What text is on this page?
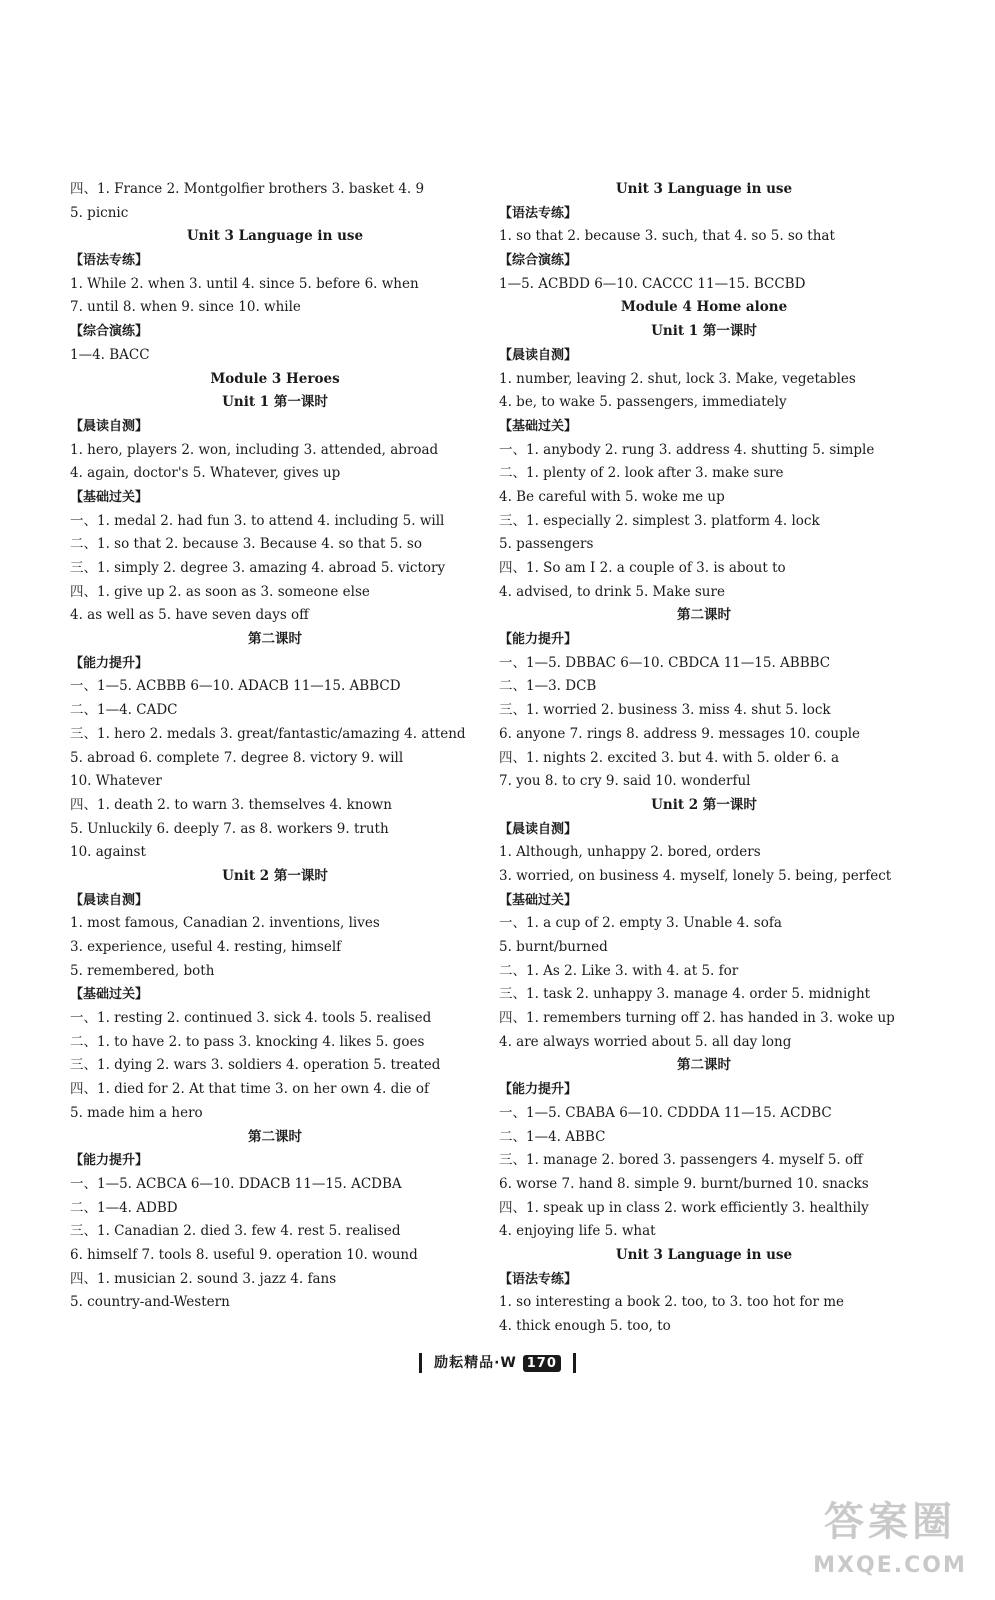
四、1. France 2. Montgolfier brothers 3. basket 4. 9
5. picnic
Unit 3 Language in use
【语法专练】
1. While 2. when 3. until 4. since 5. before 6. when
7. until 8. when 9. since 10. while
【综合演练】
1—4. BACC
Module 3 Heroes
Unit 1 第一课时
【晨读自测】
1. hero, players 2. won, including 3. attended, abroad
4. again, doctor's 5. Whatever, gives up
【基础过关】
一、1. medal 2. had fun 3. to attend 4. including 5. will
二、1. so that 2. because 3. Because 4. so that 5. so
三、1. simply 2. degree 3. amazing 4. abroad 5. victory
四、1. give up 2. as soon as 3. someone else
4. as well as 5. have seven days off
第二课时
【能力提升】
一、1—5. ACBBB 6—10. ADACB 11—15. ABBCD
二、1—4. CADC
三、1. hero 2. medals 3. great/fantastic/amazing 4. attend
5. abroad 6. complete 7. degree 8. victory 9. will
10. Whatever
四、1. death 2. to warn 3. themselves 4. known
5. Unluckily 6. deeply 7. as 8. workers 9. truth
10. against
Unit 2 第一课时
【晨读自测】
1. most famous, Canadian 2. inventions, lives
3. experience, useful 4. resting, himself
5. remembered, both
【基础过关】
一、1. resting 2. continued 3. sick 4. tools 5. realised
二、1. to have 2. to pass 3. knocking 4. likes 5. goes
三、1. dying 2. wars 3. soldiers 4. operation 5. treated
四、1. died for 2. At that time 3. on her own 4. die of
5. made him a hero
第二课时
【能力提升】
一、1—5. ACBCA 6—10. DDACB 11—15. ACDBA
二、1—4. ADBD
三、1. Canadian 2. died 3. few 4. rest 5. realised
6. himself 7. tools 8. useful 9. operation 10. wound
四、1. musician 2. sound 3. jazz 4. fans
5. country-and-Western
Unit 3 Language in use
【语法专练】
1. so that 2. because 3. such, that 4. so 5. so that
【综合演练】
1—5. ACBDD 6—10. CACCC 11—15. BCCBD
Module 4 Home alone
Unit 1 第一课时
【晨读自测】
1. number, leaving 2. shut, lock 3. Make, vegetables
4. be, to wake 5. passengers, immediately
【基础过关】
一、1. anybody 2. rung 3. address 4. shutting 5. simple
二、1. plenty of 2. look after 3. make sure
4. Be careful with 5. woke me up
三、1. especially 2. simplest 3. platform 4. lock
5. passengers
四、1. So am I 2. a couple of 3. is about to
4. advised, to drink 5. Make sure
第二课时
【能力提升】
一、1—5. DBBAC 6—10. CBDCA 11—15. ABBBC
二、1—3. DCB
三、1. worried 2. business 3. miss 4. shut 5. lock
6. anyone 7. rings 8. address 9. messages 10. couple
四、1. nights 2. excited 3. but 4. with 5. older 6. a
7. you 8. to cry 9. said 10. wonderful
Unit 2 第一课时
【晨读自测】
1. Although, unhappy 2. bored, orders
3. worried, on business 4. myself, lonely 5. being, perfect
【基础过关】
一、1. a cup of 2. empty 3. Unable 4. sofa
5. burnt/burned
二、1. As 2. Like 3. with 4. at 5. for
三、1. task 2. unhappy 3. manage 4. order 5. midnight
四、1. remembers turning off 2. has handed in 3. woke up
4. are always worried about 5. all day long
第二课时
【能力提升】
一、1—5. CBABA 6—10. CDDDA 11—15. ACDBC
二、1—4. ABBC
三、1. manage 2. bored 3. passengers 4. myself 5. off
6. worse 7. hand 8. simple 9. burnt/burned 10. snacks
四、1. speak up in class 2. work efficiently 3. healthily
4. enjoying life 5. what
Unit 3 Language in use
【语法专练】
1. so interesting a book 2. too, to 3. too hot for me
4. thick enough 5. too, to
励耘精品·W 170
答案圈
MXQE.COM
